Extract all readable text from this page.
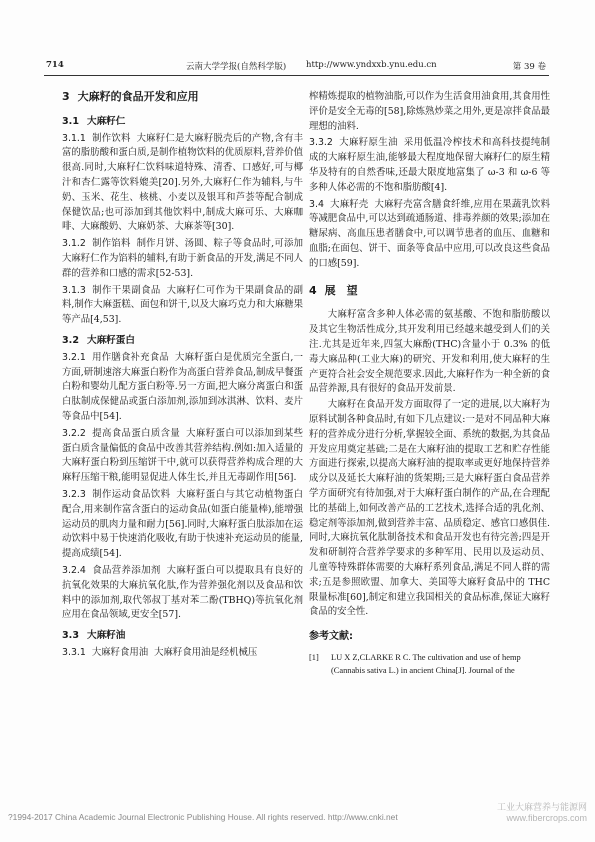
714	云南大学学报(自然科学版) http://www.yndxxb.ynu.edu.cn	第 39 卷
3 大麻籽的食品开发和应用
3.1 大麻籽仁
3.1.1 制作饮料 大麻籽仁是大麻籽脱壳后的产物,含有丰富的脂肪酸和蛋白质,是制作植物饮料的优质原料,营养价值很高.同时,大麻籽仁饮料味道特殊、清香、口感好,可与椰汁和杏仁露等饮料媲美[20].另外,大麻籽仁作为辅料,与牛奶、玉米、花生、核桃、小麦以及银耳和芦荟等配合制成保健饮品;也可添加到其他饮料中,制成大麻可乐、大麻咖啡、大麻酸奶、大麻奶茶、大麻茶等[30].
3.1.2 制作馅料 制作月饼、汤圆、粽子等食品时,可添加大麻籽仁作为馅料的辅料,有助于新食品的开发,满足不同人群的营养和口感的需求[52-53].
3.1.3 制作干果副食品 大麻籽仁可作为干果副食品的副料,制作大麻蛋糕、面包和饼干,以及大麻巧克力和大麻糖果等产品[4,53].
3.2 大麻籽蛋白
3.2.1 用作膳食补充食品 大麻籽蛋白是优质完全蛋白,一方面,研制速溶大麻蛋白粉作为高蛋白营养食品,制成早餐蛋白粉和婴幼儿配方蛋白粉等.另一方面,把大麻分离蛋白和蛋白肽制成保健品或蛋白添加剂,添加到冰淇淋、饮料、麦片等食品中[54].
3.2.2 提高食品蛋白质含量 大麻籽蛋白可以添加到某些蛋白质含量偏低的食品中改善其营养结构.例如:加入适量的大麻籽蛋白粉到压缩饼干中,就可以获得营养构成合理的大麻籽压缩干粮,能明显促进人体生长,并且无毒副作用[56].
3.2.3 制作运动食品饮料 大麻籽蛋白与其它动植物蛋白配合,用来制作富含蛋白的运动食品(如蛋白能量棒),能增强运动员的肌肉力量和耐力[56].同时,大麻籽蛋白肽添加在运动饮料中易于快速消化吸收,有助于快速补充运动员的能量,提高成绩[54].
3.2.4 食品营养添加剂 大麻籽蛋白可以提取具有良好的抗氧化效果的大麻抗氧化肽,作为营养强化剂以及食品和饮料中的添加剂,取代邻叔丁基对苯二酚(TBHQ)等抗氧化剂应用在食品领域,更安全[57].
3.3 大麻籽油
3.3.1 大麻籽食用油 大麻籽食用油是经机械压
榨精炼提取的植物油脂,可以作为生活食用油食用,其食用性评价是安全无毒的[58],除炼熟炒菜之用外,更是凉拌食品最理想的油料.
3.3.2 大麻籽原生油 采用低温冷榨技术和高科技提纯制成的大麻籽原生油,能够最大程度地保留大麻籽仁的原生精华及特有的自然香味,还最大限度地富集了 ω-3 和 ω-6 等多种人体必需的不饱和脂肪酸[4].
3.4 大麻籽壳 大麻籽壳富含膳食纤维,应用在果蔬乳饮料等减肥食品中,可以达到疏通肠道、排毒养颜的效果;添加在糖尿病、高血压患者膳食中,可以调节患者的血压、血糖和血脂;在面包、饼干、面条等食品中应用,可以改良这些食品的口感[59].
4 展　望
大麻籽富含多种人体必需的氨基酸、不饱和脂肪酸以及其它生物活性成分,其开发利用已经越来越受到人们的关注.尤其是近年来,四氢大麻酚(THC)含量小于 0.3% 的低毒大麻品种(工业大麻)的研究、开发和利用,使大麻籽的生产更符合社会安全规范要求.因此,大麻籽作为一种全新的食品营养源,具有很好的食品开发前景.
大麻籽在食品开发方面取得了一定的进展,以大麻籽为原料试制各种食品时,有如下几点建议:一是对不同品种大麻籽的营养成分进行分析,掌握较全面、系统的数据,为其食品开发应用奠定基础;二是在大麻籽油的提取工艺和贮存性能方面进行探索,以提高大麻籽油的提取率或更好地保持营养成分以及延长大麻籽油的货架期;三是大麻籽蛋白食品营养学方面研究有待加强,对于大麻籽蛋白制作的产品,在合理配比的基础上,如何改善产品的工艺技术,选择合适的乳化剂、稳定剂等添加剂,做到营养丰富、品质稳定、感官口感俱佳.同时,大麻抗氧化肽制备技术和食品开发也有待完善;四是开发和研制符合营养学要求的多种军用、民用以及运动员、儿童等特殊群体需要的大麻籽系列食品,满足不同人群的需求;五是参照欧盟、加拿大、美国等大麻籽食品中的 THC 限量标准[60],制定和建立我国相关的食品标准,保证大麻籽食品的安全性.
参考文献:
[1] LU X Z,CLARKE R C. The cultivation and use of hemp (Cannabis sativa L.) in ancient China[J]. Journal of the
?1994-2017 China Academic Journal Electronic Publishing House. All rights reserved. http://www.cnki.net
工业大麻营养与能源网
www.fibercrops.com
